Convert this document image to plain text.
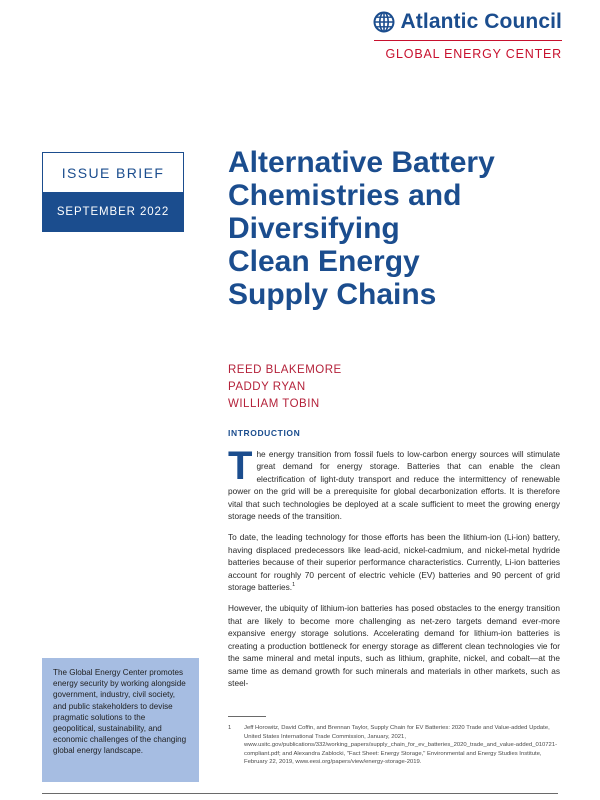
Atlantic Council
GLOBAL ENERGY CENTER
ISSUE BRIEF
SEPTEMBER 2022
Alternative Battery
Chemistries and
Diversifying
Clean Energy
Supply Chains
REED BLAKEMORE
PADDY RYAN
WILLIAM TOBIN
INTRODUCTION

The energy transition from fossil fuels to low-carbon energy sources will stimulate great demand for energy storage. Batteries that can enable the clean electrification of light-duty transport and reduce the intermittency of renewable power on the grid will be a prerequisite for global decarbonization efforts. It is therefore vital that such technologies be deployed at a scale sufficient to meet the growing energy storage needs of the transition.

To date, the leading technology for those efforts has been the lithium-ion (Li-ion) battery, having displaced predecessors like lead-acid, nickel-cadmium, and nickel-metal hydride batteries because of their superior performance characteristics. Currently, Li-ion batteries account for roughly 70 percent of electric vehicle (EV) batteries and 90 percent of grid storage batteries.$^1$

However, the ubiquity of lithium-ion batteries has posed obstacles to the energy transition that are likely to become more challenging as net-zero targets demand ever-more expansive energy storage solutions. Accelerating demand for lithium-ion batteries is creating a production bottleneck for energy storage as different clean technologies vie for the same mineral and metal inputs, such as lithium, graphite, nickel, and cobalt—at the same time as demand growth for such minerals and materials in other markets, such as steel-

The Global Energy Center promotes energy security by working alongside government, industry, civil society, and public stakeholders to devise pragmatic solutions to the geopolitical, sustainability, and economic challenges of the changing global energy landscape.
1	Jeff Horowitz, David Coffin, and Brennan Taylor, Supply Chain for EV Batteries: 2020 Trade and Value-added Update, United States International Trade Commission, January, 2021, www.usitc.gov/publications/332/working_papers/supply_chain_for_ev_batteries_2020_trade_and_value-added_010721-compliant.pdf; and Alexandra Zablocki, "Fact Sheet: Energy Storage," Environmental and Energy Studies Institute, February 22, 2019, www.eesi.org/papers/view/energy-storage-2019.
